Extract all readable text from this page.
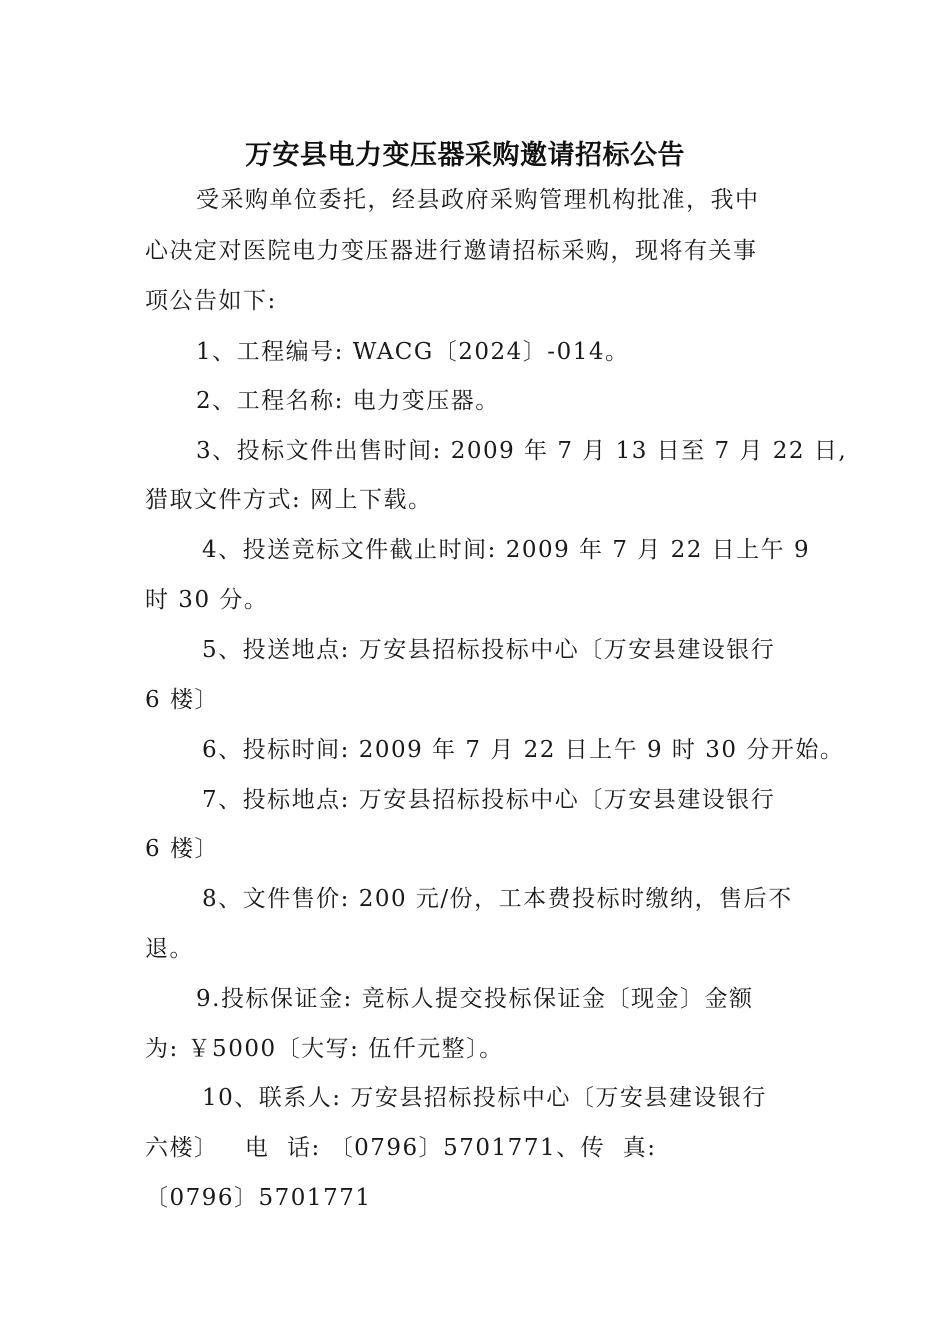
万安县电力变压器采购邀请招标公告
受采购单位委托，经县政府采购管理机构批准，我中
心决定对医院电力变压器进行邀请招标采购，现将有关事
项公告如下:
1、工程编号: WACG〔2024〕-014。
2、工程名称: 电力变压器。
3、投标文件出售时间: 2009 年 7 月 13 日至 7 月 22 日,
猎取文件方式: 网上下载。
4、投送竞标文件截止时间: 2009 年 7 月 22 日上午 9
时 30 分。
5、投送地点: 万安县招标投标中心〔万安县建设银行
6 楼〕
6、投标时间: 2009 年 7 月 22 日上午 9 时 30 分开始。
7、投标地点: 万安县招标投标中心〔万安县建设银行
6 楼〕
8、文件售价: 200 元/份，工本费投标时缴纳，售后不
退。
9.投标保证金: 竞标人提交投标保证金〔现金〕金额
为: ￥5000〔大写: 伍仟元整〕。
10、联系人: 万安县招标投标中心〔万安县建设银行
六楼〕   电  话: 〔0796〕5701771、传  真:
〔0796〕5701771
